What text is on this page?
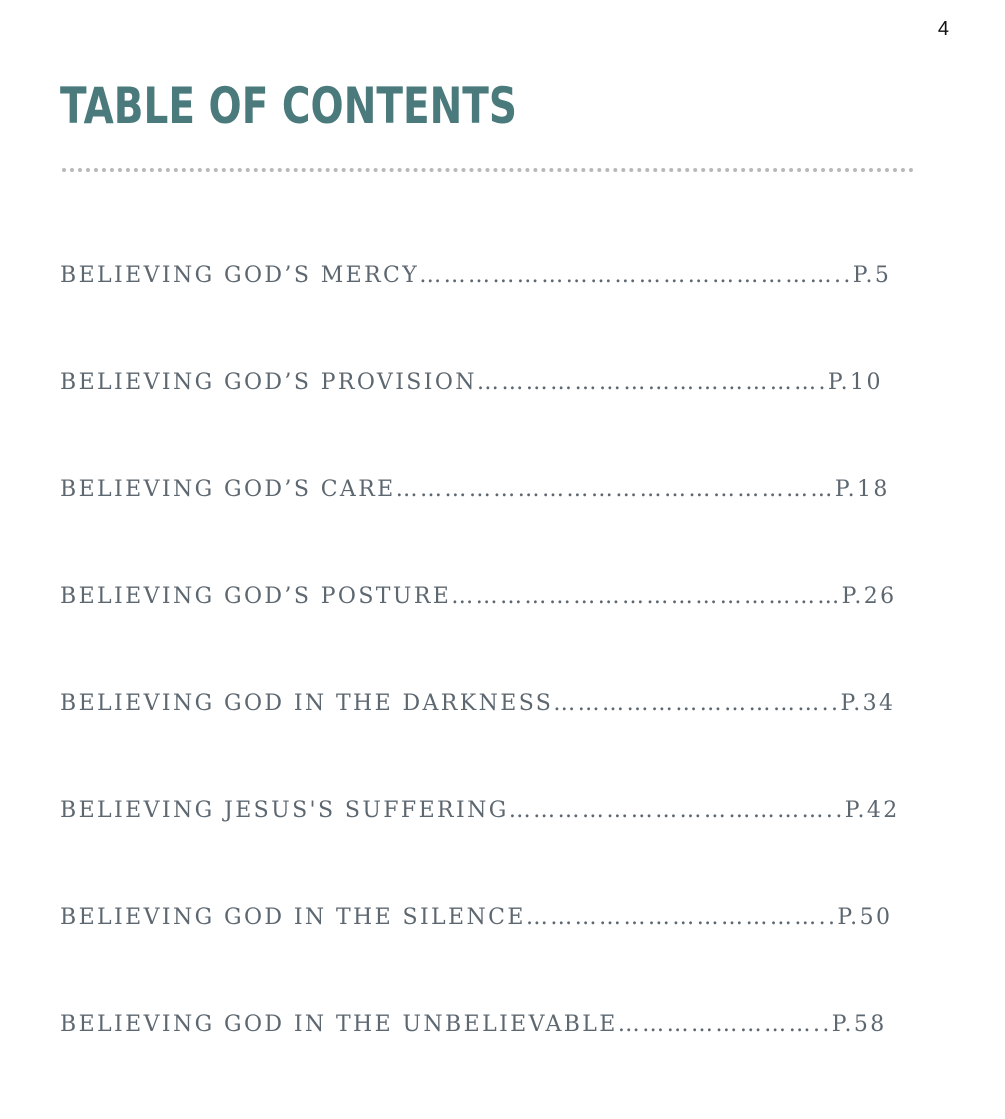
4
TABLE OF CONTENTS
BELIEVING GOD’S MERCY……………………………………………..P.5
BELIEVING GOD’S PROVISION…………………………………….P.10
BELIEVING GOD’S CARE………………………………………………P.18
BELIEVING GOD’S POSTURE…………………………………………P.26
BELIEVING GOD IN THE DARKNESS……………………………..P.34
BELIEVING JESUS'S SUFFERING…………………………………..P.42
BELIEVING GOD IN THE SILENCE………………………………..P.50
BELIEVING GOD IN THE UNBELIEVABLE……………………..P.58
